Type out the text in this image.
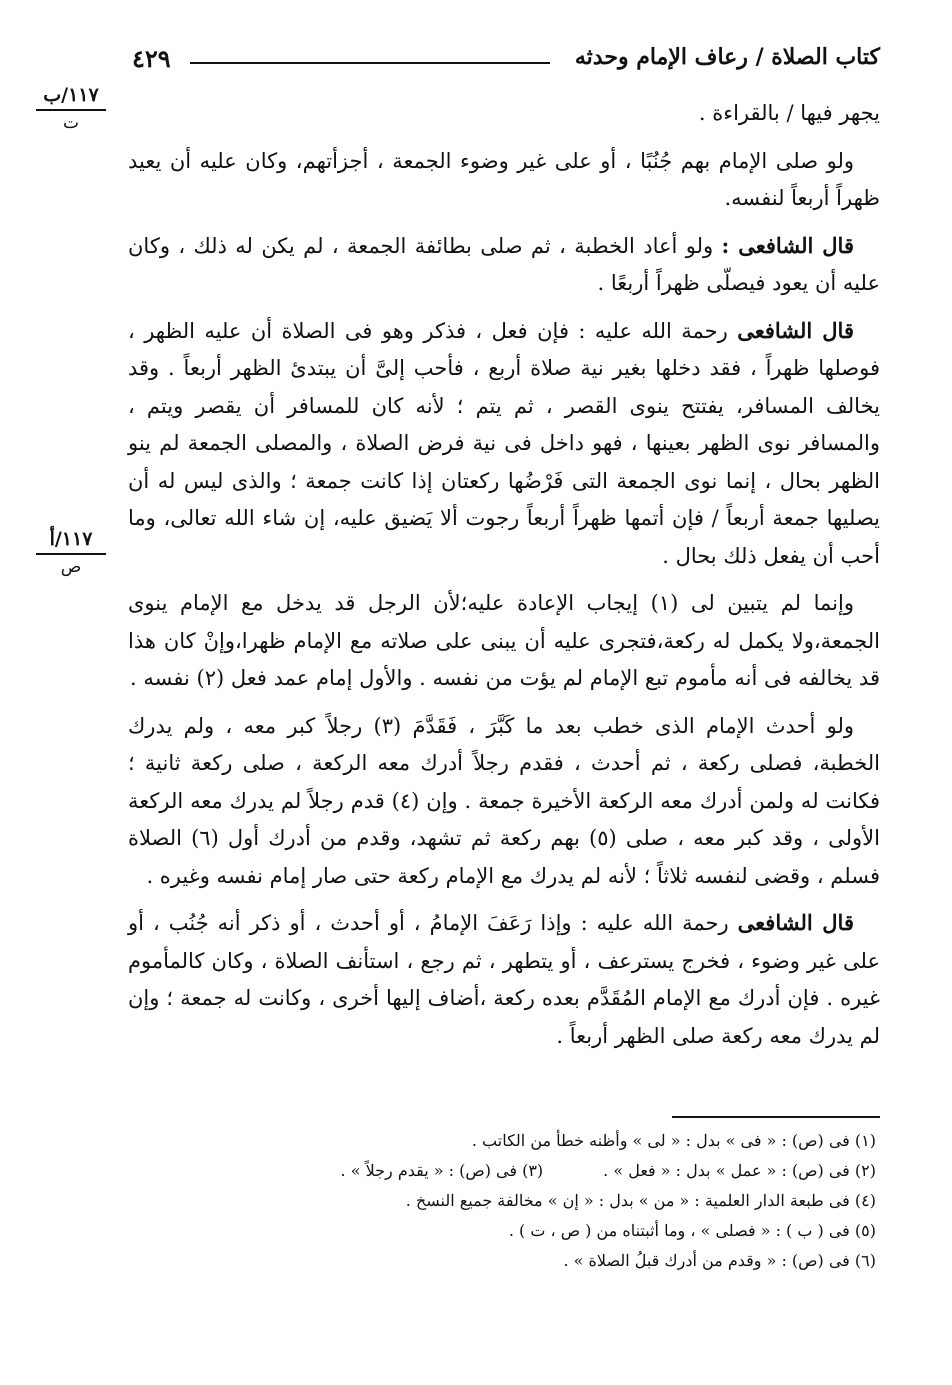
٤٢٩	كتاب الصلاة / رعاف الإمام وحدثه
١١٧/ب
ت
١١٧/أ
ص

يجهر فيها / بالقراءة .

ولو صلى الإمام بهم جُنُبًا ، أو على غير وضوء الجمعة ، أجزأتهم، وكان عليه أن يعيد ظهراً أربعاً لنفسه.

قال الشافعى : ولو أعاد الخطبة ، ثم صلى بطائفة الجمعة ، لم يكن له ذلك ، وكان عليه أن يعود فيصلّى ظهراً أربعًا .

قال الشافعى رحمة الله عليه : فإن فعل ، فذكر وهو فى الصلاة أن عليه الظهر ، فوصلها ظهراً ، فقد دخلها بغير نية صلاة أربع ، فأحب إلىَّ أن يبتدئ الظهر أربعاً . وقد يخالف المسافر، يفتتح ينوى القصر ، ثم يتم ؛ لأنه كان للمسافر أن يقصر ويتم ، والمسافر نوى الظهر بعينها ، فهو داخل فى نية فرض الصلاة ، والمصلى الجمعة لم ينو الظهر بحال ، إنما نوى الجمعة التى فَرْضُها ركعتان إذا كانت جمعة ؛ والذى ليس له أن يصليها جمعة أربعاً / فإن أتمها ظهراً أربعاً رجوت ألا يَضيق عليه، إن شاء الله تعالى، وما أحب أن يفعل ذلك بحال .

وإنما لم يتبين لى (١) إيجاب الإعادة عليه؛لأن الرجل قد يدخل مع الإمام ينوى الجمعة،ولا يكمل له ركعة،فتجرى عليه أن يبنى على صلاته مع الإمام ظهرا،وإنْ كان هذا قد يخالفه فى أنه مأموم تبع الإمام لم يؤت من نفسه . والأول إمام عمد فعل (٢) نفسه .

ولو أحدث الإمام الذى خطب بعد ما كَبَّرَ ، فَقَدَّمَ (٣) رجلاً كبر معه ، ولم يدرك الخطبة، فصلى ركعة ، ثم أحدث ، فقدم رجلاً أدرك معه الركعة ، صلى ركعة ثانية ؛ فكانت له ولمن أدرك معه الركعة الأخيرة جمعة . وإن (٤) قدم رجلاً لم يدرك معه الركعة الأولى ، وقد كبر معه ، صلى (٥) بهم ركعة ثم تشهد، وقدم من أدرك أول (٦) الصلاة فسلم ، وقضى لنفسه ثلاثاً ؛ لأنه لم يدرك مع الإمام ركعة حتى صار إمام نفسه وغيره .

قال الشافعى رحمة الله عليه : وإذا رَعَفَ الإمامُ ، أو أحدث ، أو ذكر أنه جُنُب ، أو على غير وضوء ، فخرج يسترعف ، أو يتطهر ، ثم رجع ، استأنف الصلاة ، وكان كالمأموم غيره . فإن أدرك مع الإمام المُقَدَّم بعده ركعة ،أضاف إليها أخرى ، وكانت له جمعة ؛ وإن لم يدرك معه ركعة صلى الظهر أربعاً .

(١) فى (ص) : « فى » بدل : « لى » وأظنه خطأ من الكاتب .
(٢) فى (ص) : « عمل » بدل : « فعل » .(٣) فى (ص) : « يقدم رجلاً » .
(٤) فى طبعة الدار العلمية : « من » بدل : « إن » مخالفة جميع النسخ .
(٥) فى ( ب ) : « فصلى » ، وما أثبتناه من ( ص ، ت ) .
(٦) فى (ص) : « وقدم من أدرك قبلُ الصلاة » .
